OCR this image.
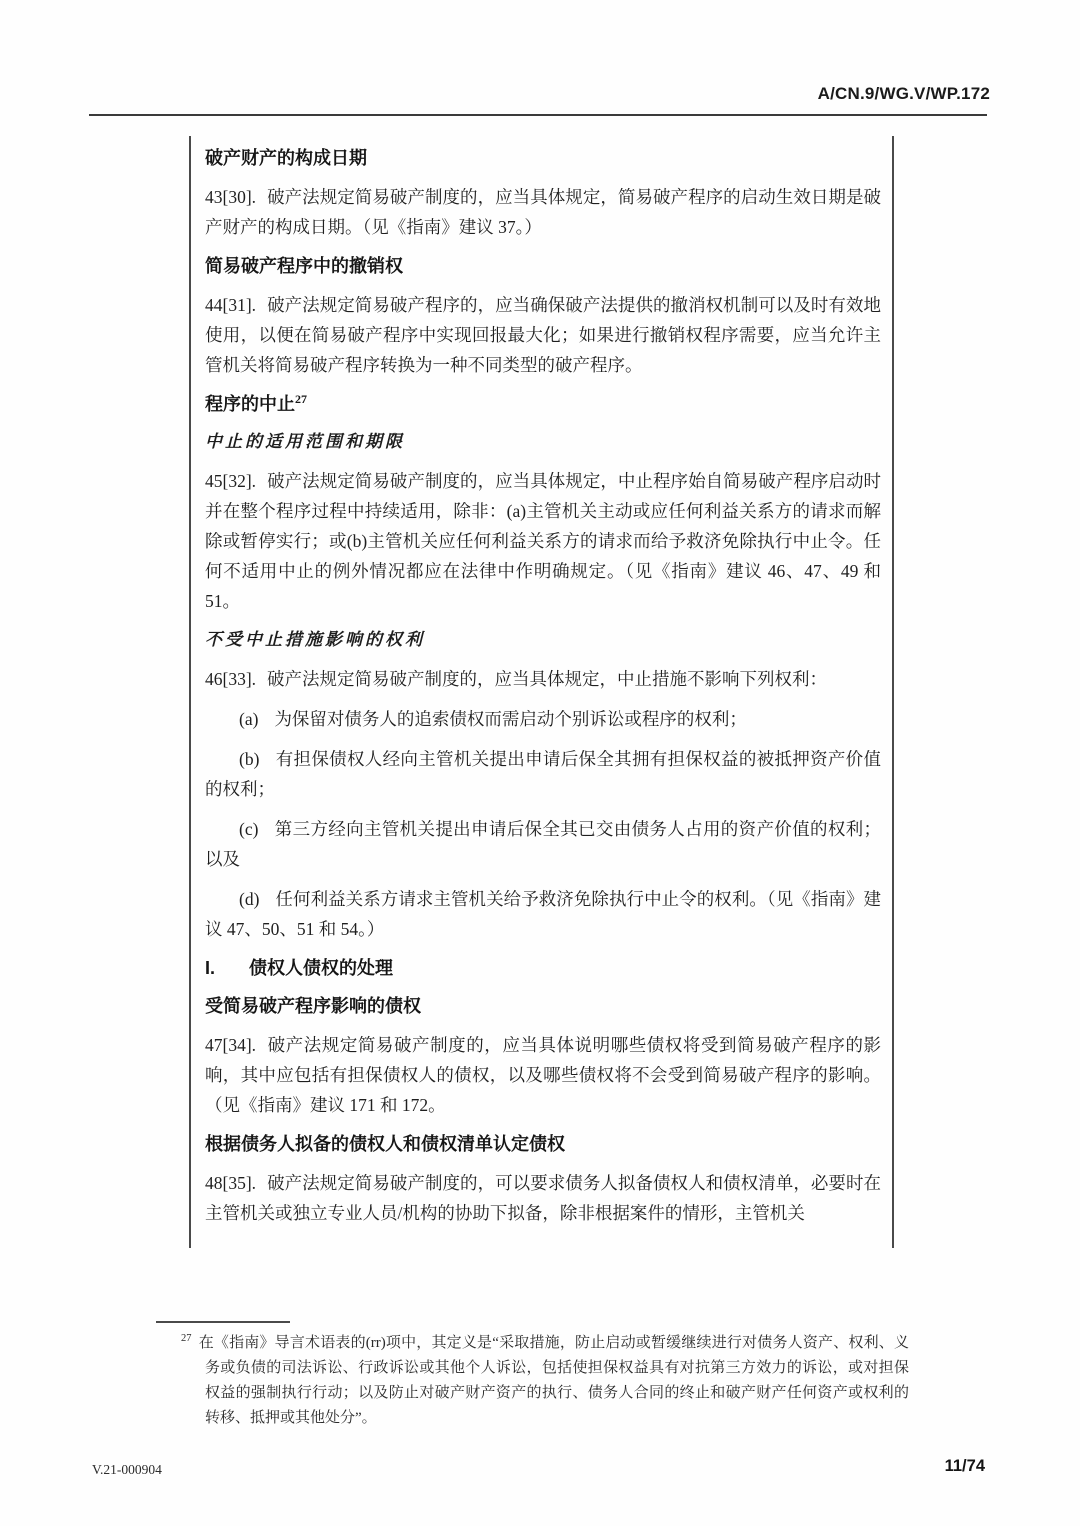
A/CN.9/WG.V/WP.172
破产财产的构成日期

43[30]. 破产法规定简易破产制度的，应当具体规定，简易破产程序的启动生效日期是破产财产的构成日期。（见《指南》建议 37。）

简易破产程序中的撤销权

44[31]. 破产法规定简易破产程序的，应当确保破产法提供的撤消权机制可以及时有效地使用，以便在简易破产程序中实现回报最大化；如果进行撤销权程序需要，应当允许主管机关将简易破产程序转换为一种不同类型的破产程序。

程序的中止$^{27}$
中止的适用范围和期限

45[32]. 破产法规定简易破产制度的，应当具体规定，中止程序始自简易破产程序启动时并在整个程序过程中持续适用，除非：(a)主管机关主动或应任何利益关系方的请求而解除或暂停实行；或(b)主管机关应任何利益关系方的请求而给予救济免除执行中止令。任何不适用中止的例外情况都应在法律中作明确规定。（见《指南》建议 46、47、49 和 51。

不受中止措施影响的权利

46[33]. 破产法规定简易破产制度的，应当具体规定，中止措施不影响下列权利：

(a) 为保留对债务人的追索债权而需启动个别诉讼或程序的权利；

(b) 有担保债权人经向主管机关提出申请后保全其拥有担保权益的被抵押资产价值的权利；

(c) 第三方经向主管机关提出申请后保全其已交由债务人占用的资产价值的权利；以及

(d) 任何利益关系方请求主管机关给予救济免除执行中止令的权利。（见《指南》建议 47、50、51 和 54。）

I. 债权人债权的处理
受简易破产程序影响的债权

47[34]. 破产法规定简易破产制度的，应当具体说明哪些债权将受到简易破产程序的影响，其中应包括有担保债权人的债权，以及哪些债权将不会受到简易破产程序的影响。（见《指南》建议 171 和 172。

根据债务人拟备的债权人和债权清单认定债权

48[35]. 破产法规定简易破产制度的，可以要求债务人拟备债权人和债权清单，必要时在主管机关或独立专业人员/机构的协助下拟备，除非根据案件的情形，主管机关

$^{27}$ 在《指南》导言术语表的(rr)项中，其定义是“采取措施，防止启动或暂缓继续进行对债务人资产、权利、义务或负债的司法诉讼、行政诉讼或其他个人诉讼，包括使担保权益具有对抗第三方效力的诉讼，或对担保权益的强制执行行动；以及防止对破产财产资产的执行、债务人合同的终止和破产财产任何资产或权利的转移、抵押或其他处分”。
V.21-000904	11/74
